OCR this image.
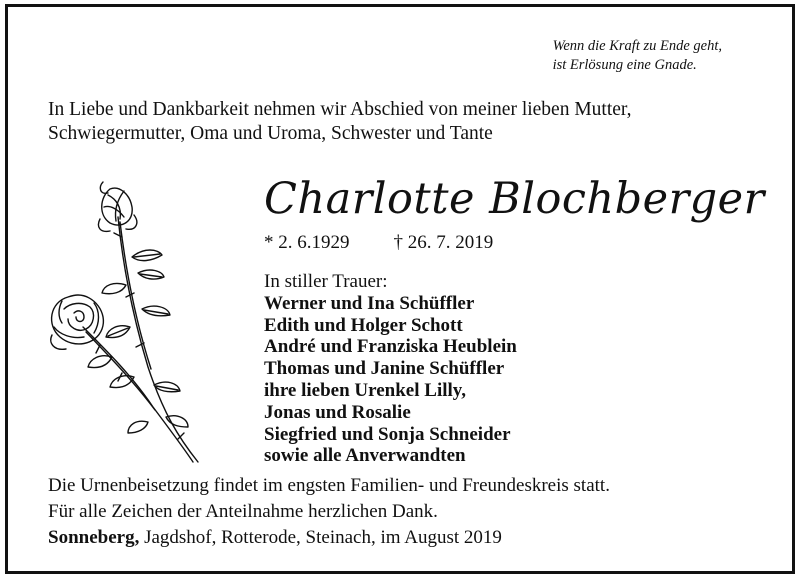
Wenn die Kraft zu Ende geht,
ist Erlösung eine Gnade.
In Liebe und Dankbarkeit nehmen wir Abschied von meiner lieben Mutter,
Schwiegermutter, Oma und Uroma, Schwester und Tante
Charlotte Blochberger
* 2. 6.1929 † 26. 7. 2019
In stiller Trauer:
Werner und Ina Schüffler
Edith und Holger Schott
André und Franziska Heublein
Thomas und Janine Schüffler
ihre lieben Urenkel Lilly,
Jonas und Rosalie
Siegfried und Sonja Schneider
sowie alle Anverwandten
Die Urnenbeisetzung findet im engsten Familien- und Freundeskreis statt.
Für alle Zeichen der Anteilnahme herzlichen Dank.
Sonneberg, Jagdshof, Rotterode, Steinach, im August 2019
